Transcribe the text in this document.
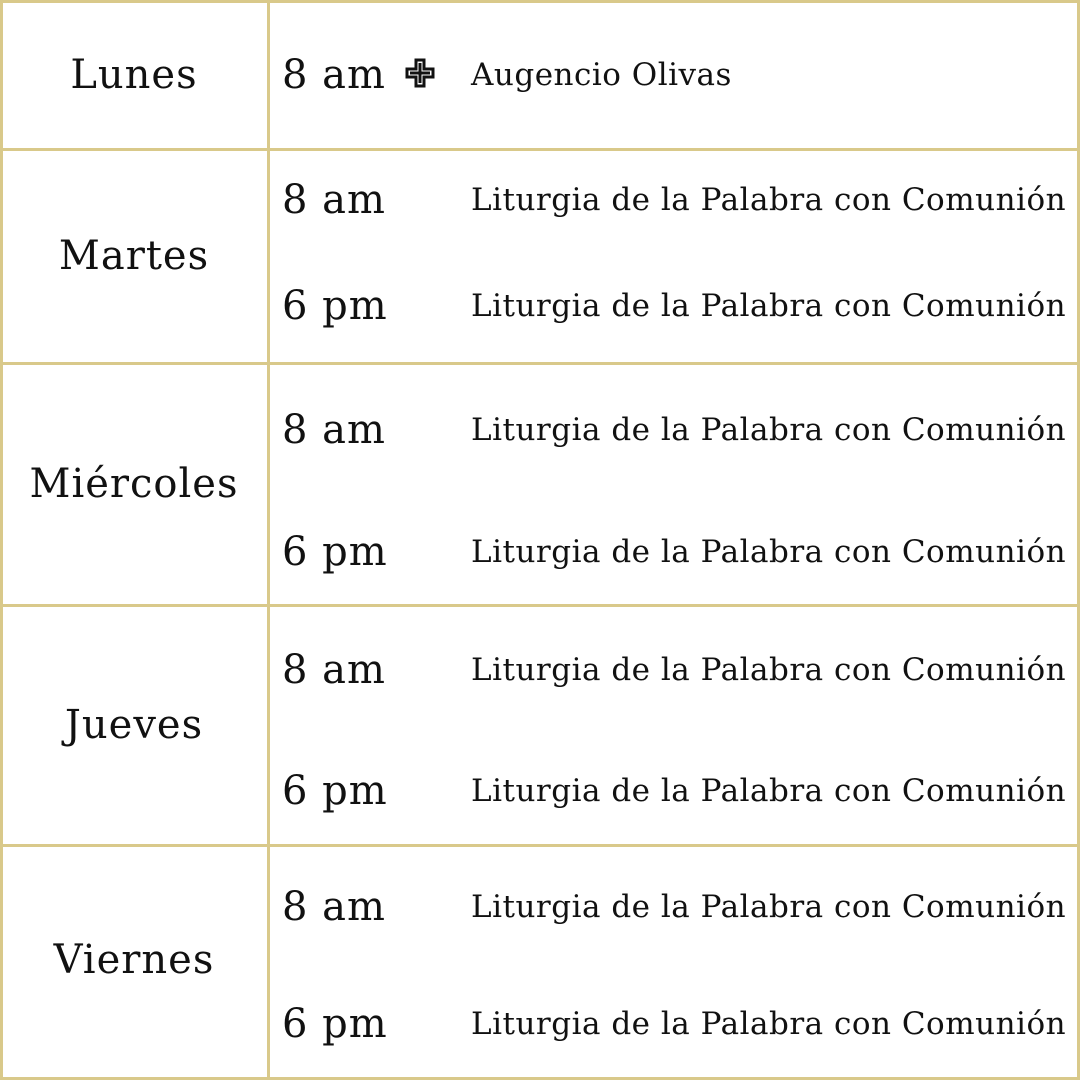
Lunes	8 am	Augencio Olivas
Martes
8 am	Liturgia de la Palabra con Comunión
6 pm	Liturgia de la Palabra con Comunión
Miércoles
8 am	Liturgia de la Palabra con Comunión
6 pm	Liturgia de la Palabra con Comunión
Jueves
8 am	Liturgia de la Palabra con Comunión
6 pm	Liturgia de la Palabra con Comunión
Viernes
8 am	Liturgia de la Palabra con Comunión
6 pm	Liturgia de la Palabra con Comunión
